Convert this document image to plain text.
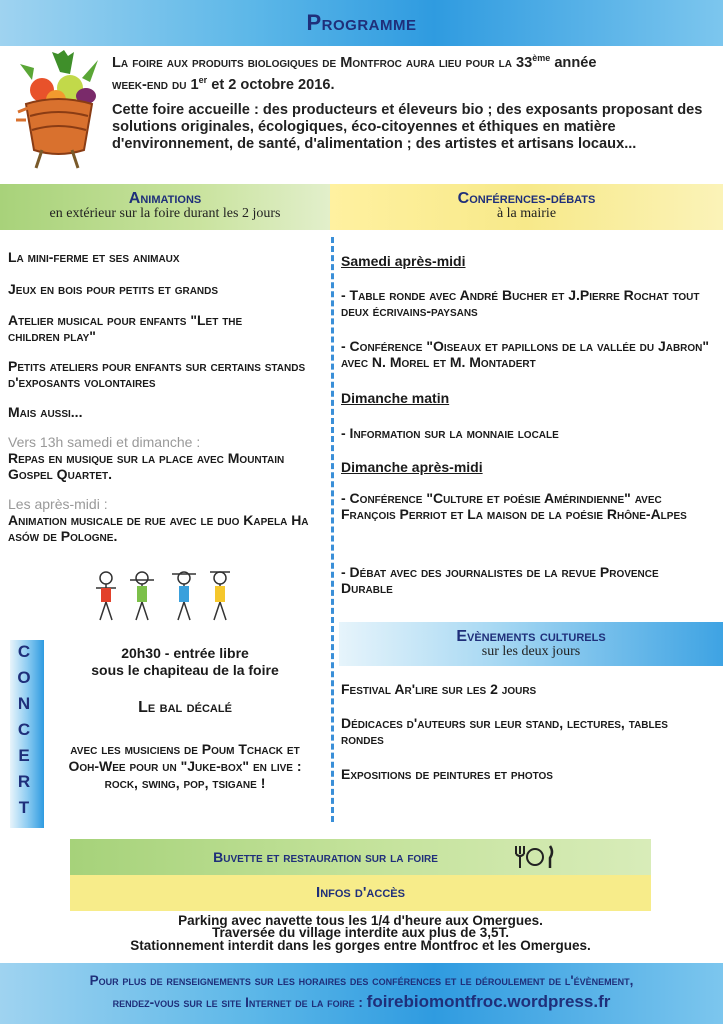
Programme
La foire aux produits biologiques de Montfroc aura lieu pour la 33ème année
week-end du 1er et 2 octobre 2016.
Cette foire accueille : des producteurs et éleveurs bio ; des exposants proposant des solutions originales, écologiques, éco-citoyennes et éthiques en matière d'environnement, de santé, d'alimentation ; des artistes et artisans locaux...
Animations
en extérieur sur la foire durant les 2 jours
Conférences-débats
à la mairie
La mini-ferme et ses animaux
Jeux en bois pour petits et grands
Atelier musical pour enfants "Let the children play"
Petits ateliers pour enfants sur certains stands d'exposants volontaires
Mais aussi...
Vers 13h samedi et dimanche :
Repas en musique sur la place avec Mountain Gospel Quartet.
Les après-midi :
Animation musicale de rue avec le duo Kapela Ha asów de Pologne.
Samedi après-midi
- Table ronde avec André Bucher et J.Pierre Rochat tout deux écrivains-paysans
- Conférence "Oiseaux et papillons de la vallée du Jabron" avec N. Morel et M. Montadert
Dimanche matin
- Information sur la monnaie locale
Dimanche après-midi
- Conférence "Culture et poésie Amérindienne" avec François Perriot et La maison de la poésie Rhône-Alpes
- Débat avec des journalistes de la revue Provence Durable
C
O
N
C
E
R
T
20h30 - entrée libre
sous le chapiteau de la foire
Le bal décalé
avec les musiciens de Poum Tchack et Ooh-Wee pour un "Juke-box" en live : rock, swing, pop, tsigane !
Evènements culturels
sur les deux jours
Festival Ar'lire sur les 2 jours
Dédicaces d'auteurs sur leur stand, lectures, tables rondes
Expositions de peintures et photos
Buvette et restauration sur la foire
Infos d'accès
Parking avec navette tous les 1/4 d'heure aux Omergues.
Traversée du village interdite aux plus de 3,5T.
Stationnement interdit dans les gorges entre Montfroc et les Omergues.

Pour plus de renseignements sur les horaires des conférences et le déroulement de l'évènement,

rendez-vous sur le site Internet de la foire : foirebiomontfroc.wordpress.fr
